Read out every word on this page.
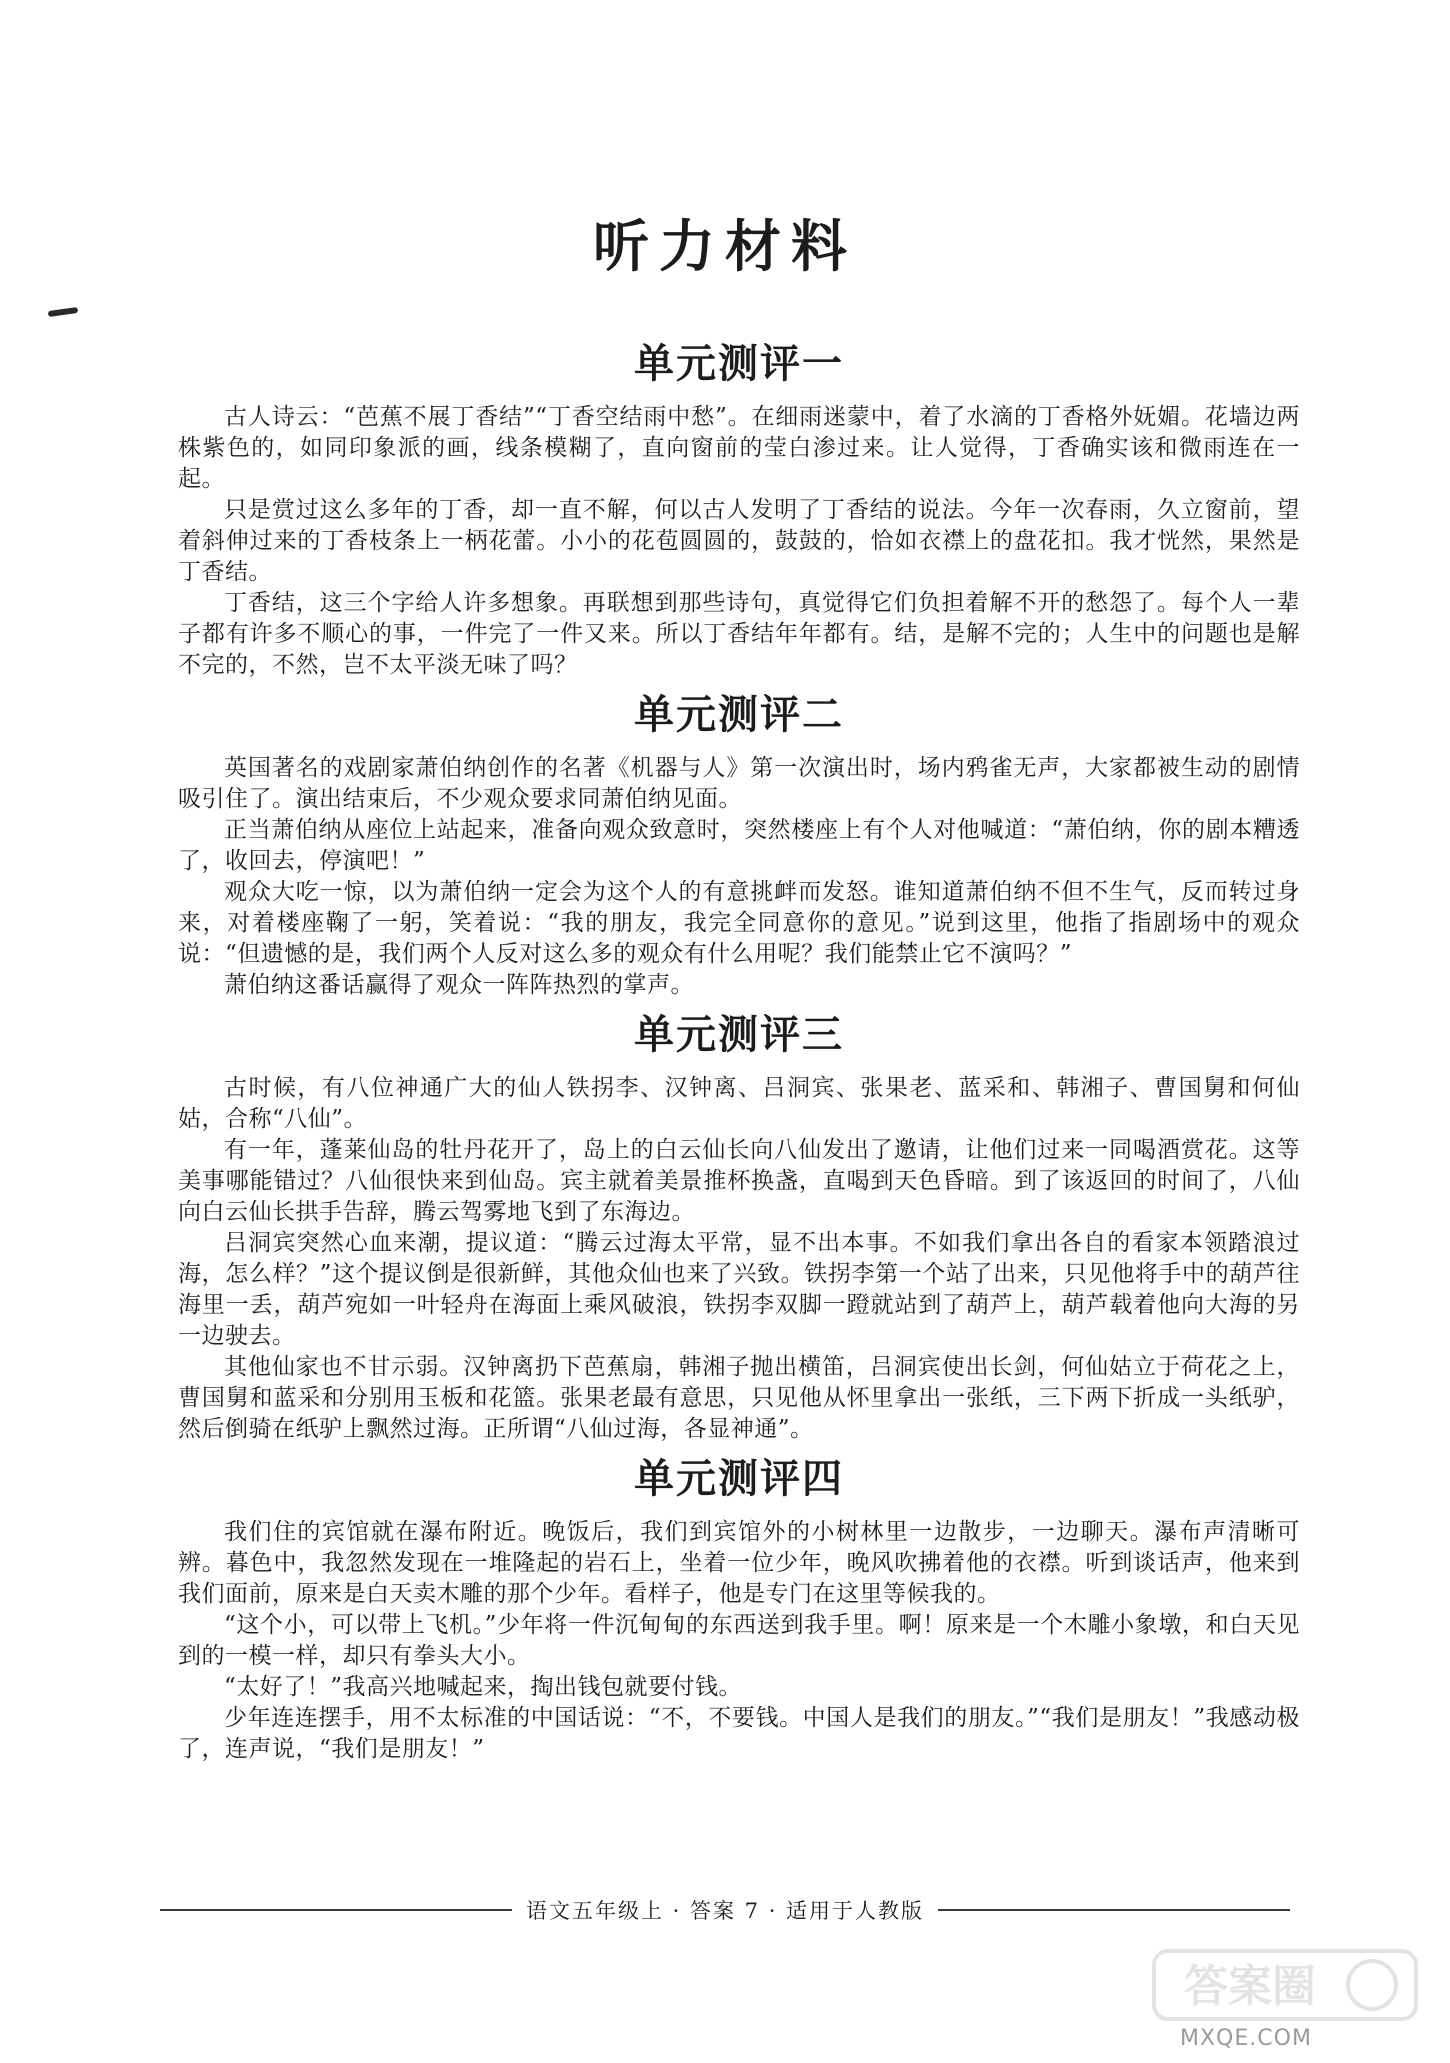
听力材料
单元测评一

古人诗云：“芭蕉不展丁香结”“丁香空结雨中愁”。在细雨迷蒙中，着了水滴的丁香格外妩媚。花墙边两株紫色的，如同印象派的画，线条模糊了，直向窗前的莹白渗过来。让人觉得，丁香确实该和微雨连在一起。

只是赏过这么多年的丁香，却一直不解，何以古人发明了丁香结的说法。今年一次春雨，久立窗前，望着斜伸过来的丁香枝条上一柄花蕾。小小的花苞圆圆的，鼓鼓的，恰如衣襟上的盘花扣。我才恍然，果然是丁香结。

丁香结，这三个字给人许多想象。再联想到那些诗句，真觉得它们负担着解不开的愁怨了。每个人一辈子都有许多不顺心的事，一件完了一件又来。所以丁香结年年都有。结，是解不完的；人生中的问题也是解不完的，不然，岂不太平淡无味了吗？

单元测评二

英国著名的戏剧家萧伯纳创作的名著《机器与人》第一次演出时，场内鸦雀无声，大家都被生动的剧情吸引住了。演出结束后，不少观众要求同萧伯纳见面。

正当萧伯纳从座位上站起来，准备向观众致意时，突然楼座上有个人对他喊道：“萧伯纳，你的剧本糟透了，收回去，停演吧！”

观众大吃一惊，以为萧伯纳一定会为这个人的有意挑衅而发怒。谁知道萧伯纳不但不生气，反而转过身来，对着楼座鞠了一躬，笑着说：“我的朋友，我完全同意你的意见。”说到这里，他指了指剧场中的观众说：“但遗憾的是，我们两个人反对这么多的观众有什么用呢？我们能禁止它不演吗？”

萧伯纳这番话赢得了观众一阵阵热烈的掌声。

单元测评三

古时候，有八位神通广大的仙人铁拐李、汉钟离、吕洞宾、张果老、蓝采和、韩湘子、曹国舅和何仙姑，合称“八仙”。

有一年，蓬莱仙岛的牡丹花开了，岛上的白云仙长向八仙发出了邀请，让他们过来一同喝酒赏花。这等美事哪能错过？八仙很快来到仙岛。宾主就着美景推杯换盏，直喝到天色昏暗。到了该返回的时间了，八仙向白云仙长拱手告辞，腾云驾雾地飞到了东海边。

吕洞宾突然心血来潮，提议道：“腾云过海太平常，显不出本事。不如我们拿出各自的看家本领踏浪过海，怎么样？”这个提议倒是很新鲜，其他众仙也来了兴致。铁拐李第一个站了出来，只见他将手中的葫芦往海里一丢，葫芦宛如一叶轻舟在海面上乘风破浪，铁拐李双脚一蹬就站到了葫芦上，葫芦载着他向大海的另一边驶去。

其他仙家也不甘示弱。汉钟离扔下芭蕉扇，韩湘子抛出横笛，吕洞宾使出长剑，何仙姑立于荷花之上，曹国舅和蓝采和分别用玉板和花篮。张果老最有意思，只见他从怀里拿出一张纸，三下两下折成一头纸驴，然后倒骑在纸驴上飘然过海。正所谓“八仙过海，各显神通”。

单元测评四

我们住的宾馆就在瀑布附近。晚饭后，我们到宾馆外的小树林里一边散步，一边聊天。瀑布声清晰可辨。暮色中，我忽然发现在一堆隆起的岩石上，坐着一位少年，晚风吹拂着他的衣襟。听到谈话声，他来到我们面前，原来是白天卖木雕的那个少年。看样子，他是专门在这里等候我的。

“这个小，可以带上飞机。”少年将一件沉甸甸的东西送到我手里。啊！原来是一个木雕小象墩，和白天见到的一模一样，却只有拳头大小。

“太好了！”我高兴地喊起来，掏出钱包就要付钱。

少年连连摆手，用不太标准的中国话说：“不，不要钱。中国人是我们的朋友。”“我们是朋友！”我感动极了，连声说，“我们是朋友！”

语文五年级上 · 答案 7 · 适用于人教版
答案圈
MXQE.COM
